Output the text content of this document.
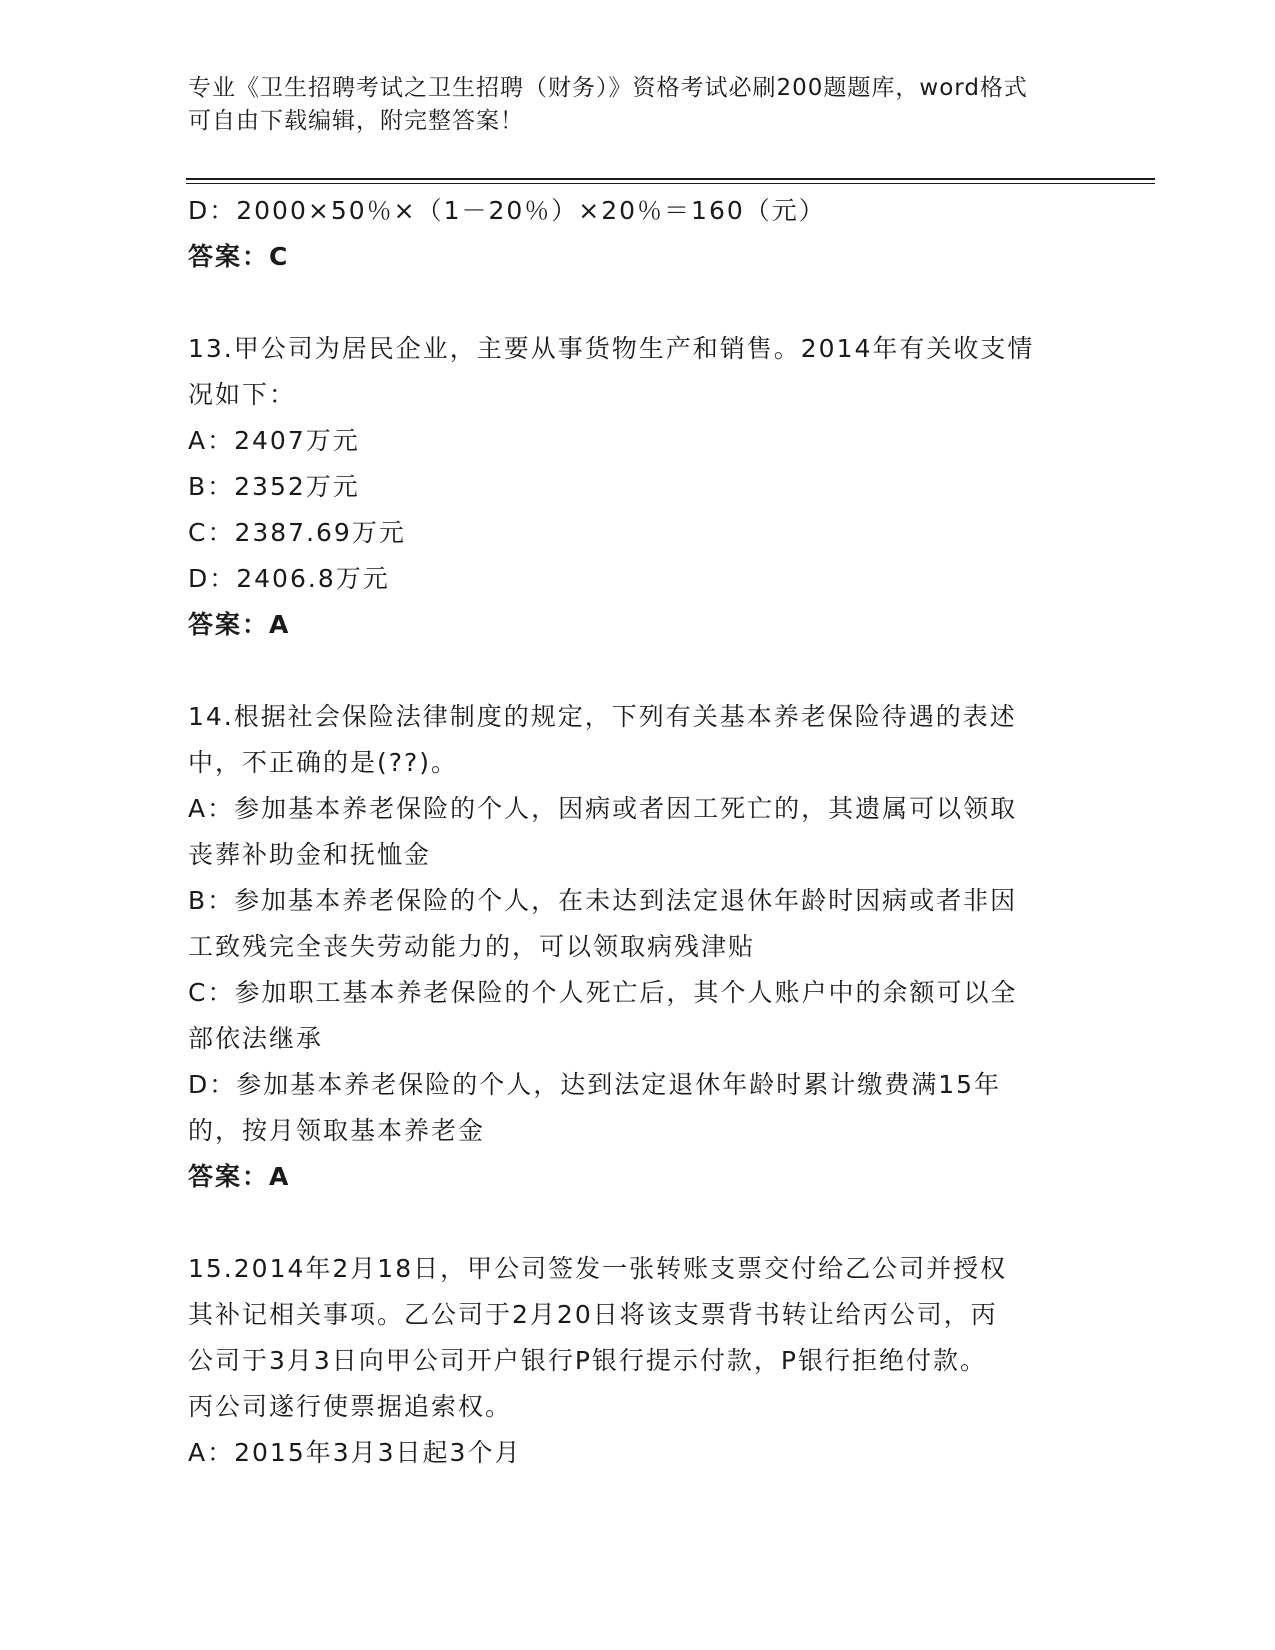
专业《卫生招聘考试之卫生招聘（财务）》资格考试必刷200题题库，word格式
可自由下载编辑，附完整答案！
D：2000×50％×（1－20％）×20％＝160（元）
答案：C
13.甲公司为居民企业，主要从事货物生产和销售。2014年有关收支情
况如下：
A：2407万元
B：2352万元
C：2387.69万元
D：2406.8万元
答案：A
14.根据社会保险法律制度的规定，下列有关基本养老保险待遇的表述
中，不正确的是(??)。
A：参加基本养老保险的个人，因病或者因工死亡的，其遗属可以领取
丧葬补助金和抚恤金
B：参加基本养老保险的个人，在未达到法定退休年龄时因病或者非因
工致残完全丧失劳动能力的，可以领取病残津贴
C：参加职工基本养老保险的个人死亡后，其个人账户中的余额可以全
部依法继承
D：参加基本养老保险的个人，达到法定退休年龄时累计缴费满15年
的，按月领取基本养老金
答案：A
15.2014年2月18日，甲公司签发一张转账支票交付给乙公司并授权
其补记相关事项。乙公司于2月20日将该支票背书转让给丙公司，丙
公司于3月3日向甲公司开户银行P银行提示付款，P银行拒绝付款。
丙公司遂行使票据追索权。
A：2015年3月3日起3个月
